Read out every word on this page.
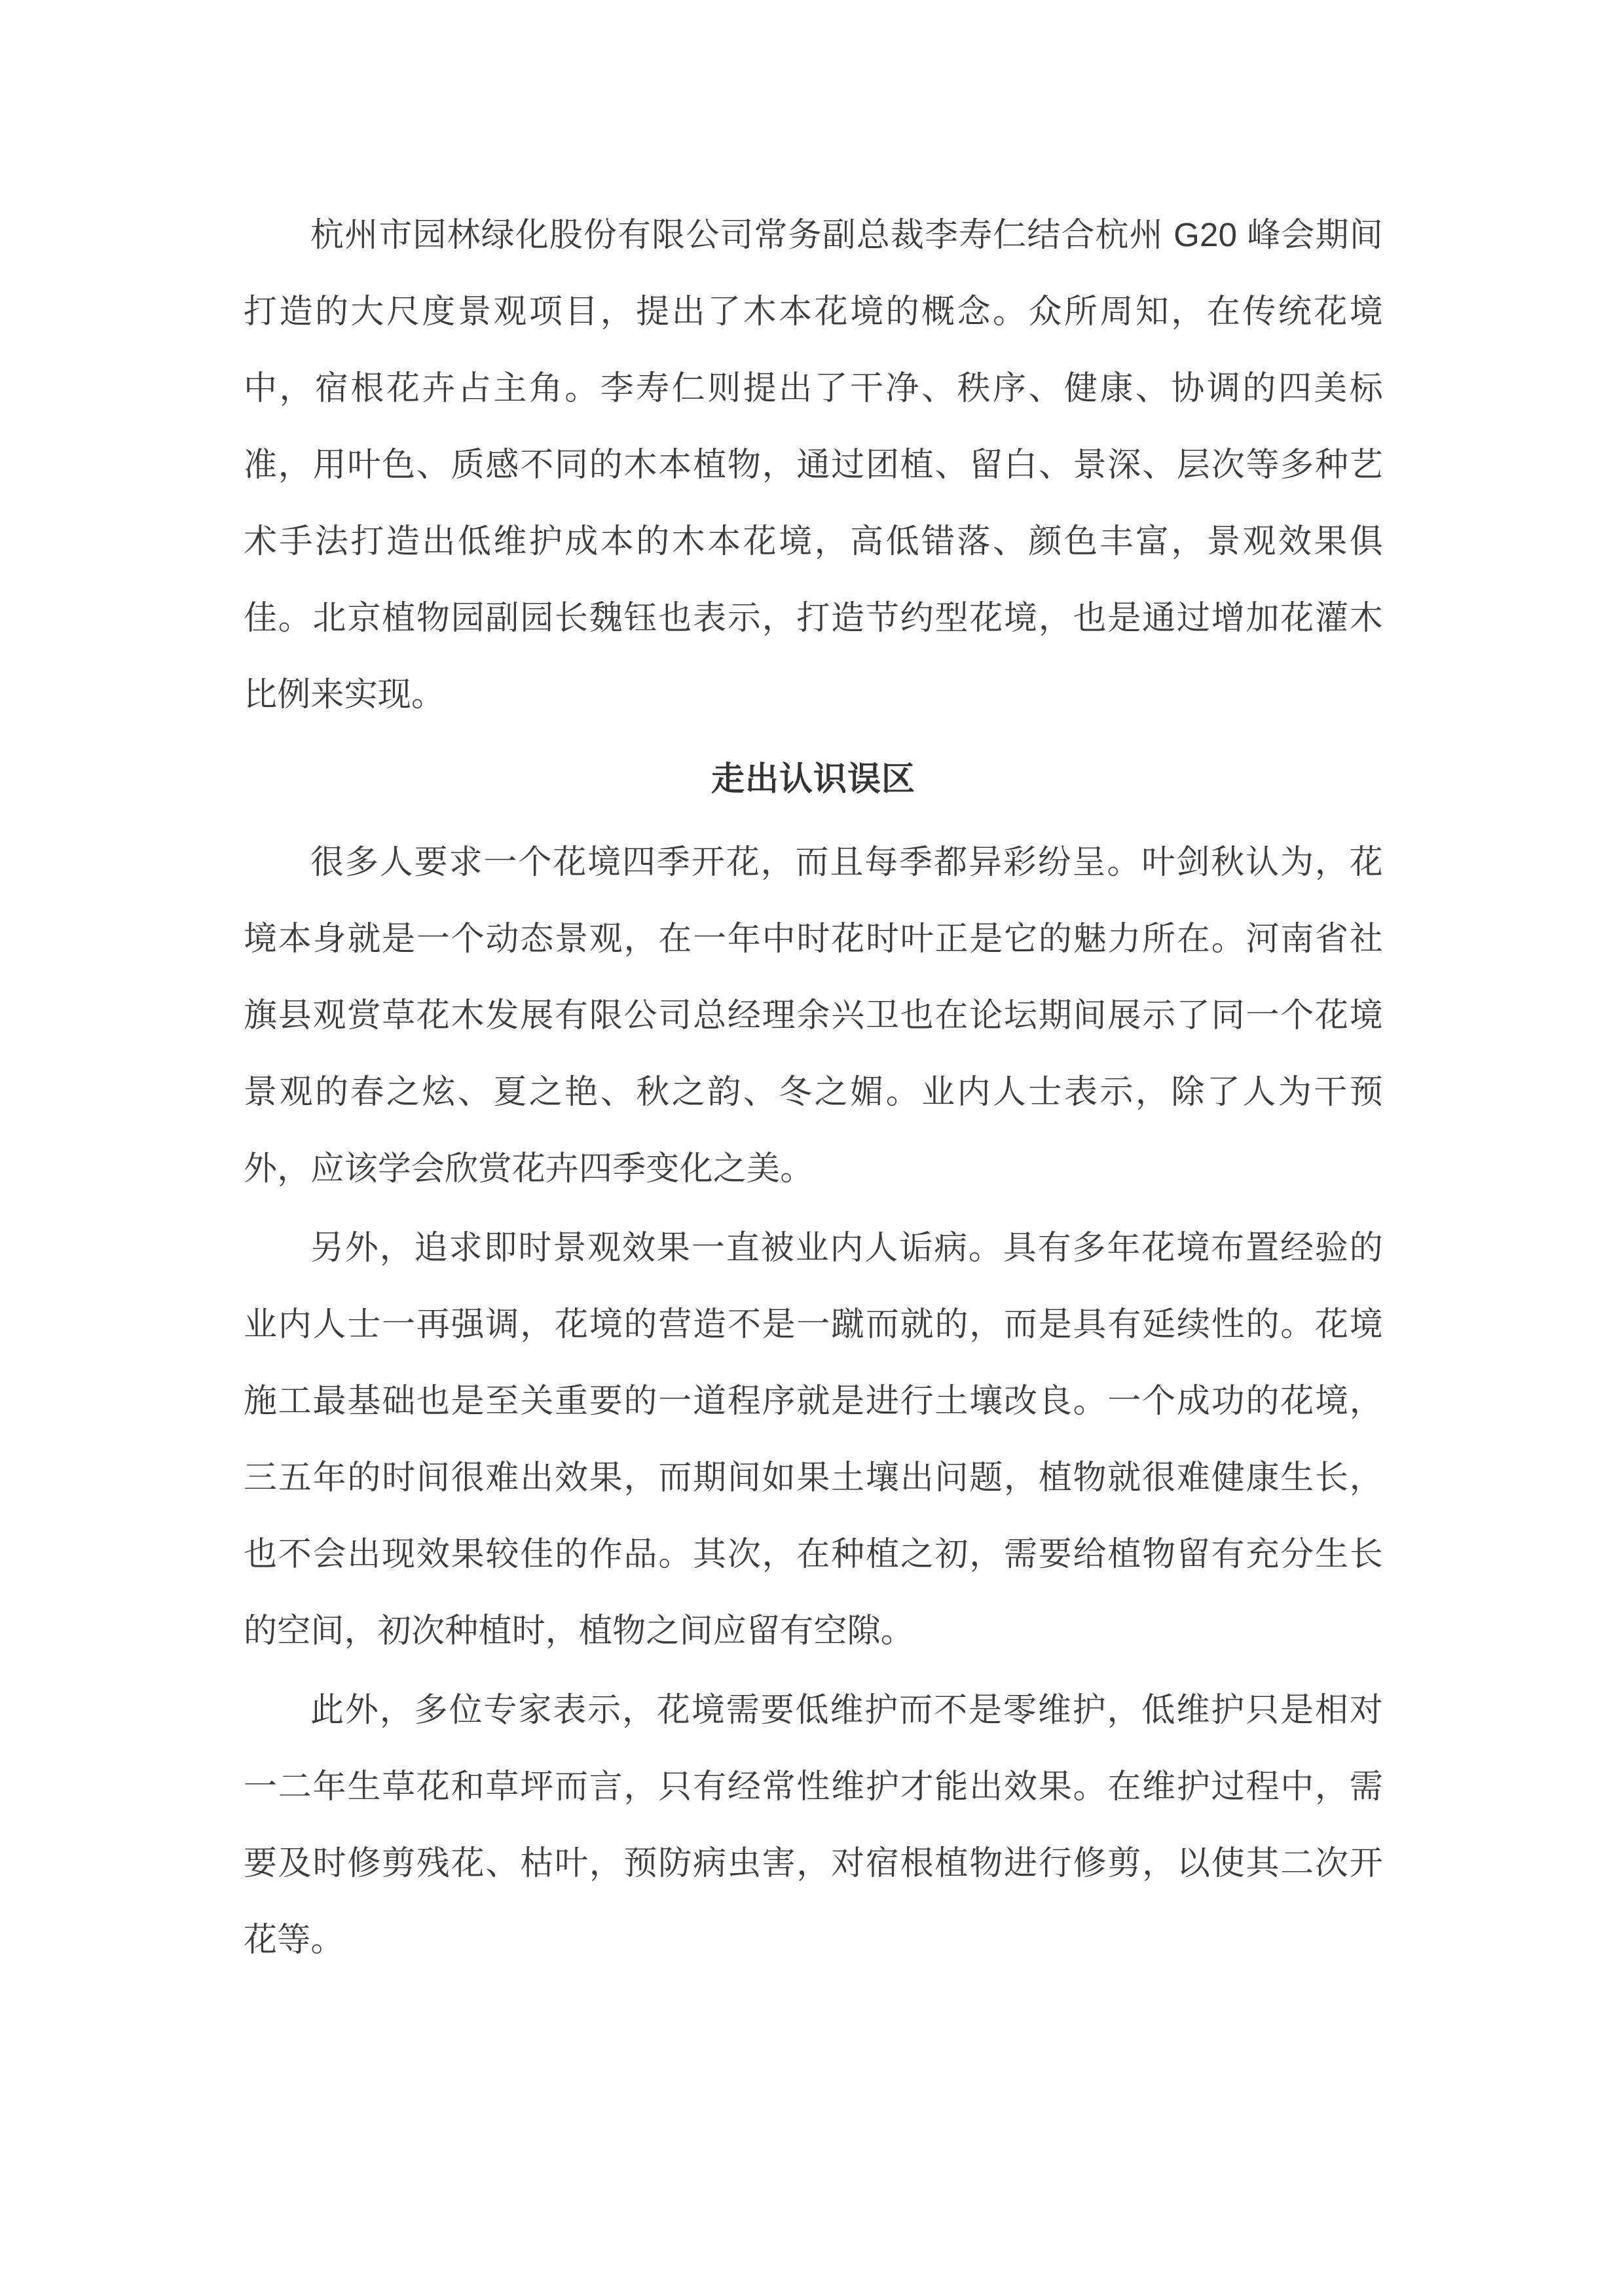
杭州市园林绿化股份有限公司常务副总裁李寿仁结合杭州 G20 峰会期间打造的大尺度景观项目，提出了木本花境的概念。众所周知，在传统花境中，宿根花卉占主角。李寿仁则提出了干净、秩序、健康、协调的四美标准，用叶色、质感不同的木本植物，通过团植、留白、景深、层次等多种艺术手法打造出低维护成本的木本花境，高低错落、颜色丰富，景观效果俱佳。北京植物园副园长魏钰也表示，打造节约型花境，也是通过增加花灌木比例来实现。

走出认识误区

很多人要求一个花境四季开花，而且每季都异彩纷呈。叶剑秋认为，花境本身就是一个动态景观，在一年中时花时叶正是它的魅力所在。河南省社旗县观赏草花木发展有限公司总经理余兴卫也在论坛期间展示了同一个花境景观的春之炫、夏之艳、秋之韵、冬之媚。业内人士表示，除了人为干预外，应该学会欣赏花卉四季变化之美。

另外，追求即时景观效果一直被业内人诟病。具有多年花境布置经验的业内人士一再强调，花境的营造不是一蹴而就的，而是具有延续性的。花境施工最基础也是至关重要的一道程序就是进行土壤改良。一个成功的花境，三五年的时间很难出效果，而期间如果土壤出问题，植物就很难健康生长，也不会出现效果较佳的作品。其次，在种植之初，需要给植物留有充分生长的空间，初次种植时，植物之间应留有空隙。

此外，多位专家表示，花境需要低维护而不是零维护，低维护只是相对一二年生草花和草坪而言，只有经常性维护才能出效果。在维护过程中，需要及时修剪残花、枯叶，预防病虫害，对宿根植物进行修剪，以使其二次开花等。
